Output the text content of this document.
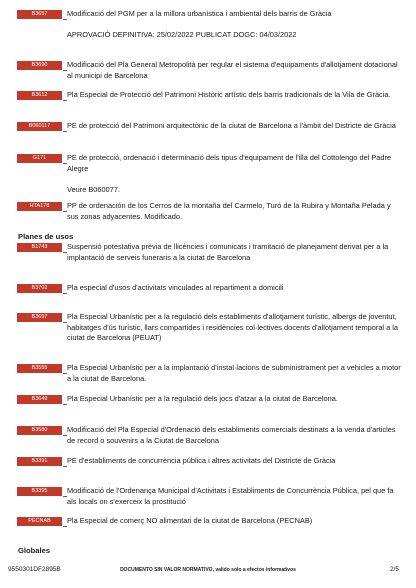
B3657	Modificació del PGM per a la millora urbanística i ambiental dels barris de Gràcia

APROVACIÓ DEFINITIVA: 25/02/2022 PUBLICAT DOGC: 04/03/2022
B3690	Modificació del Pla General Metropolità per regular el sistema d'equipaments d'allotjament dotacional al municipi de Barcelona
B3612	Pla Especial de Protecció del Patrimoni Històric artístic dels barris tradicionals de la Vila de Gràcia.
B060117	PE de protecció del Patrimoni arquitectònic de la ciutat de Barcelona a l'àmbit del Districte de Gràcia
G171	PE de protecció, ordenació i determinació dels tipus d'equipament de l'illa del Cottolengo del Padre Alegre

Veure B060077.
HTA178	PP de ordenación de los Cerros de la montaña del Carmelo, Turó de la Rubira y Montaña Pelada y sus zonas adyacentes. Modificado.
Planes de usos
B1743	Suspensió potestativa prèvia de llicències i comunicats i tramitació de planejament derivat per a la implantació de serveis funeraris a la ciutat de Barcelona
B3702	Pla especial d'usos d'activitats vinculades al repartiment a domicili
B3697	Pla Especial Urbanístic per a la regulació dels establiments d'allotjament turístic, albergs de joventut, habitatges d'ús turístic, llars compartides i residències col·lectives docents d'allotjament temporal a la ciutat de Barcelona (PEUAT)
B3555	Pla Especial Urbanístic per a la implantació d'instal·lacions de subministrament per a vehicles a motor a la ciutat de Barcelona.
B3649	Pla Especial Urbanístic per a la regulació dels jocs d'atzar a la ciutat de Barcelona.
B3580	Modificació del Pla Especial d'Ordenació dels establiments comercials destinats a la venda d'articles de record o souvenirs a la Ciutat de Barcelona
B3391	PE d'establiments de concurrència pública i altres activitats del Districte de Gràcia
B3395	Modificació de l'Ordenança Municipal d'Activitats i Establiments de Concurrència Pública, pel que fa als locals on s'exerceix la prostitució
PECNAB	Pla Especial de comerç NO alimentari de la ciutat de Barcelona (PECNAB)
Globales
9550301DF2895B	DOCUMENTO SIN VALOR NORMATIVO, valido solo a efectos informativos	2/5
